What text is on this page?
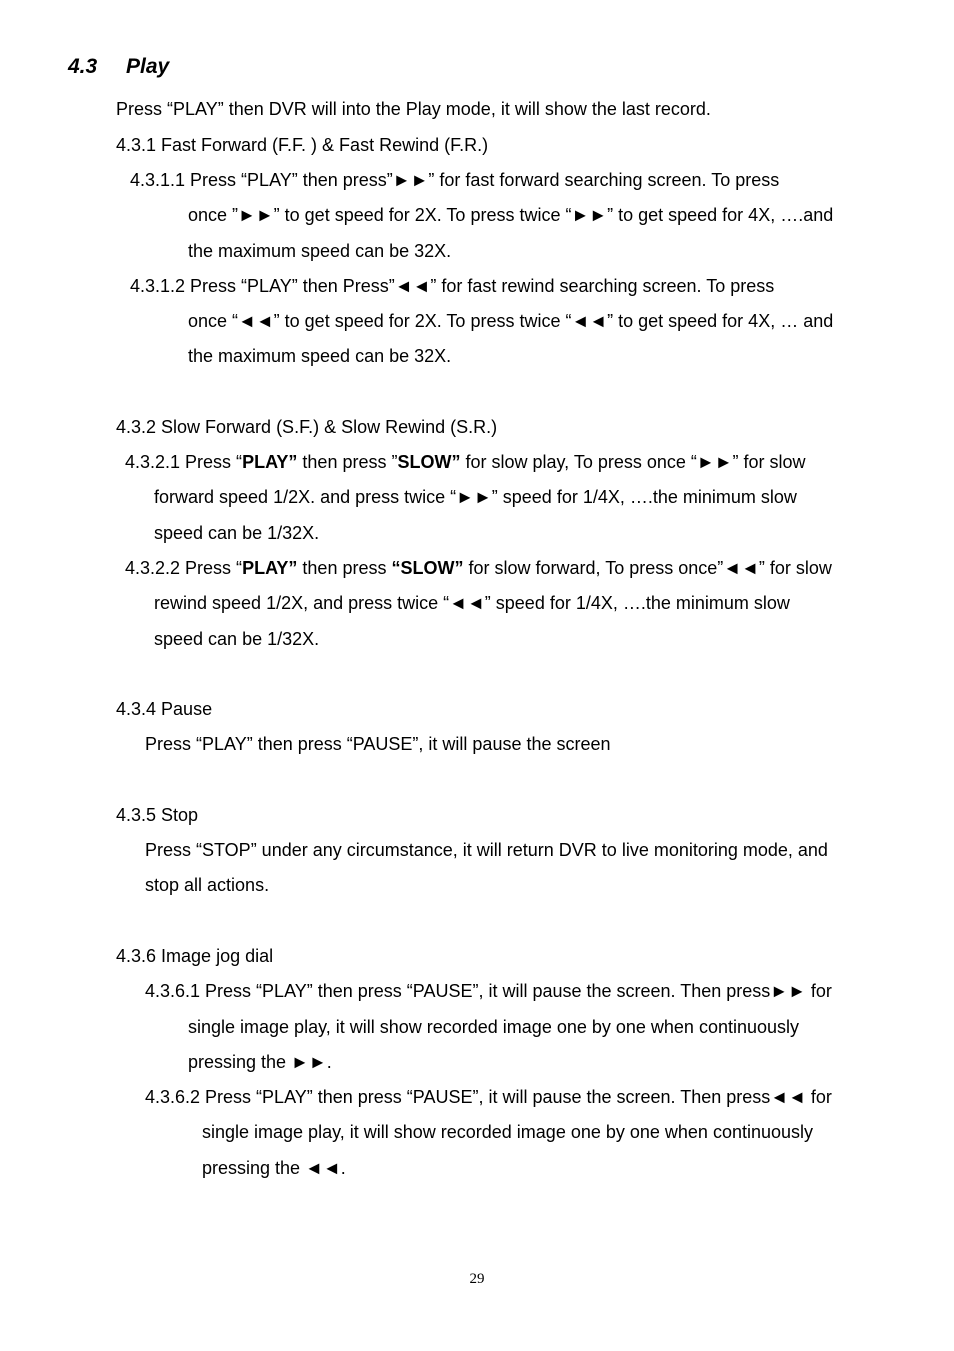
4.3 Play
Press “PLAY” then DVR will into the Play mode, it will show the last record.
4.3.1 Fast Forward (F.F. ) & Fast Rewind (F.R.)
4.3.1.1 Press “PLAY” then press”►►” for fast forward searching screen. To press
once ”►►” to get speed for 2X. To press twice “►►” to get speed for 4X, ….and
the maximum speed can be 32X.
4.3.1.2 Press “PLAY” then Press”◄◄” for fast rewind searching screen. To press
once “◄◄” to get speed for 2X. To press twice “◄◄” to get speed for 4X, … and
the maximum speed can be 32X.
4.3.2 Slow Forward (S.F.) & Slow Rewind (S.R.)
4.3.2.1 Press “PLAY” then press ”SLOW” for slow play, To press once “►►” for slow
forward speed 1/2X. and press twice “►►” speed for 1/4X, ….the minimum slow
speed can be 1/32X.
4.3.2.2 Press “PLAY” then press “SLOW” for slow forward, To press once”◄◄” for slow
rewind speed 1/2X, and press twice “◄◄” speed for 1/4X, ….the minimum slow
speed can be 1/32X.
4.3.4 Pause
Press “PLAY” then press “PAUSE”, it will pause the screen
4.3.5 Stop
Press “STOP” under any circumstance, it will return DVR to live monitoring mode, and
stop all actions.
4.3.6 Image jog dial
4.3.6.1 Press “PLAY” then press “PAUSE”, it will pause the screen. Then press►► for
single image play, it will show recorded image one by one when continuously
pressing the ►►.
4.3.6.2 Press “PLAY” then press “PAUSE”, it will pause the screen. Then press◄◄ for
single image play, it will show recorded image one by one when continuously
pressing the ◄◄.
29
